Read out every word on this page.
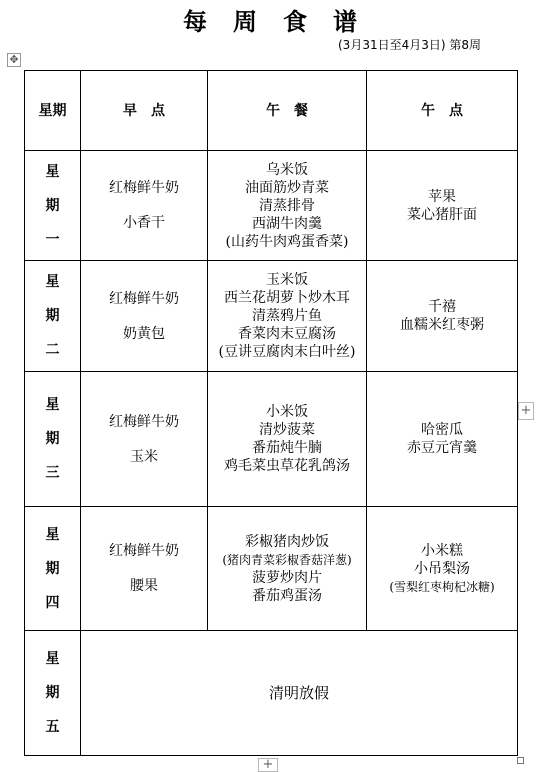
每周食谱
(3月31日至4月3日) 第8周
✥
+
+
星期	早点	午餐	午点

星
期
一	红梅鲜牛奶
小香干	乌米饭
油面筋炒青菜
清蒸排骨
西湖牛肉羹
(山药牛肉鸡蛋香菜)	苹果
菜心猪肝面

星
期
二	红梅鲜牛奶
奶黄包	玉米饭
西兰花胡萝卜炒木耳
清蒸鸦片鱼
香菜肉末豆腐汤
(豆讲豆腐肉末白叶丝)	千禧
血糯米红枣粥

星
期
三	红梅鲜牛奶
玉米	小米饭
清炒菠菜
番茄炖牛腩
鸡毛菜虫草花乳鸽汤	哈密瓜
赤豆元宵羹

星
期
四	红梅鲜牛奶
腰果	彩椒猪肉炒饭
(猪肉青菜彩椒香菇洋葱)
菠萝炒肉片
番茄鸡蛋汤	小米糕
小吊梨汤
(雪梨红枣枸杞冰糖)

星
期
五	清明放假		
